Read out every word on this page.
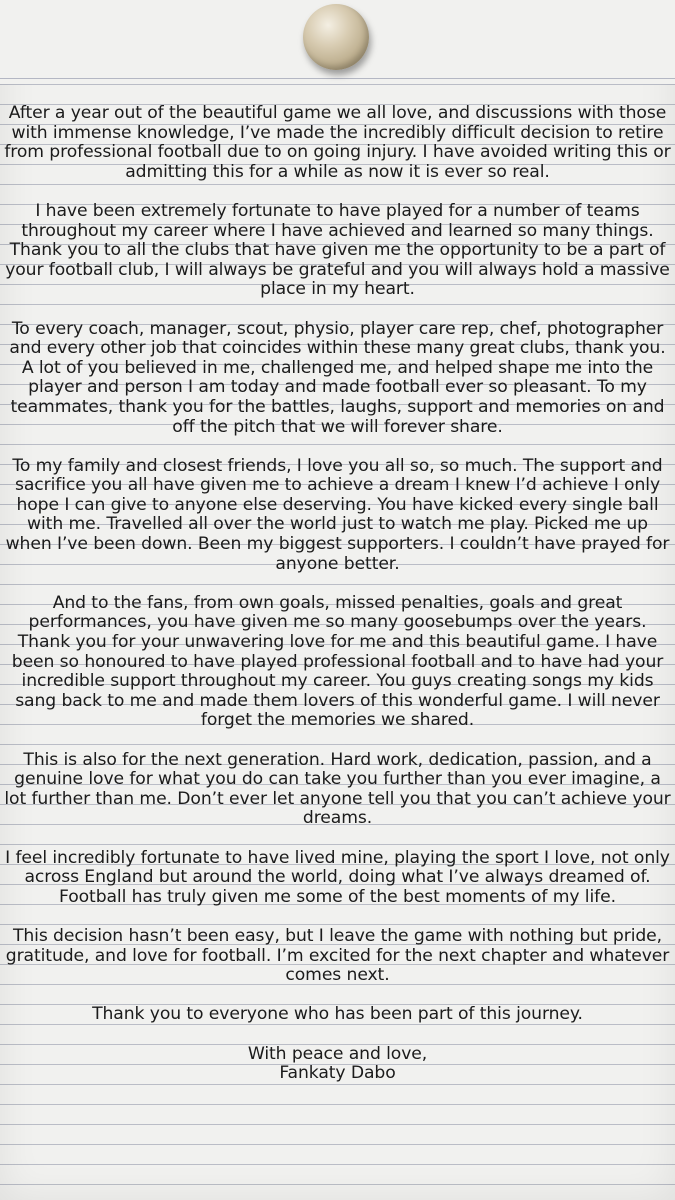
After a year out of the beautiful game we all love, and discussions with those with immense knowledge, I’ve made the incredibly difficult decision to retire from professional football due to on going injury. I have avoided writing this or admitting this for a while as now it is ever so real.

I have been extremely fortunate to have played for a number of teams throughout my career where I have achieved and learned so many things. Thank you to all the clubs that have given me the opportunity to be a part of your football club, I will always be grateful and you will always hold a massive place in my heart.

To every coach, manager, scout, physio, player care rep, chef, photographer and every other job that coincides within these many great clubs, thank you. A lot of you believed in me, challenged me, and helped shape me into the player and person I am today and made football ever so pleasant. To my teammates, thank you for the battles, laughs, support and memories on and off the pitch that we will forever share.

To my family and closest friends, I love you all so, so much. The support and sacrifice you all have given me to achieve a dream I knew I’d achieve I only hope I can give to anyone else deserving. You have kicked every single ball with me. Travelled all over the world just to watch me play. Picked me up when I’ve been down. Been my biggest supporters. I couldn’t have prayed for anyone better.

And to the fans, from own goals, missed penalties, goals and great performances, you have given me so many goosebumps over the years. Thank you for your unwavering love for me and this beautiful game. I have been so honoured to have played professional football and to have had your incredible support throughout my career. You guys creating songs my kids sang back to me and made them lovers of this wonderful game. I will never forget the memories we shared.

This is also for the next generation. Hard work, dedication, passion, and a genuine love for what you do can take you further than you ever imagine, a lot further than me. Don’t ever let anyone tell you that you can’t achieve your dreams.

I feel incredibly fortunate to have lived mine, playing the sport I love, not only across England but around the world, doing what I’ve always dreamed of. Football has truly given me some of the best moments of my life.

This decision hasn’t been easy, but I leave the game with nothing but pride, gratitude, and love for football. I’m excited for the next chapter and whatever comes next.

Thank you to everyone who has been part of this journey.

With peace and love,
Fankaty Dabo
